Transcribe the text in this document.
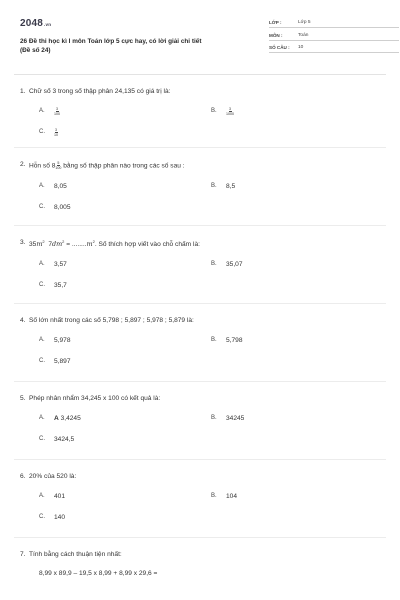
2048.vn
26 Đề thi học kì I môn Toán lớp 5 cực hay, có lời giải chi tiết
(Đề số 24)
LỚP :	Lớp 5
MÔN :	Toán
SỐ CÂU :	10
1. Chữ số 3 trong số thập phân 24,135 có giá trị là:
A.	$\frac{3}{100}$	B.	$\frac{3}{1000}$
C.	$\frac{3}{10}$
2. Hỗn số $8 \frac{5}{100}$ bằng số thập phân nào trong các số sau :
A.	8,05	B.	8,5
C.	8,005
3. $35m^2$ $7dm^2 = ........m^2$. Số thích hợp viết vào chỗ chấm là:
A.	3,57	B.	35,07
C.	35,7
4. Số lớn nhất trong các số 5,798 ; 5,897 ; 5,978 ; 5,879 là:
A.	5,978	B.	5,798
C.	5,897
5. Phép nhân nhẩm 34,245 x 100 có kết quả là:
A.	A 3,4245	B.	34245
C.	3424,5
6. 20% của 520 là:
A.	401	B.	104
C.	140
7. Tính bằng cách thuận tiện nhất:
8,99 x 89,9 – 19,5 x 8,99 + 8,99 x 29,6 =
